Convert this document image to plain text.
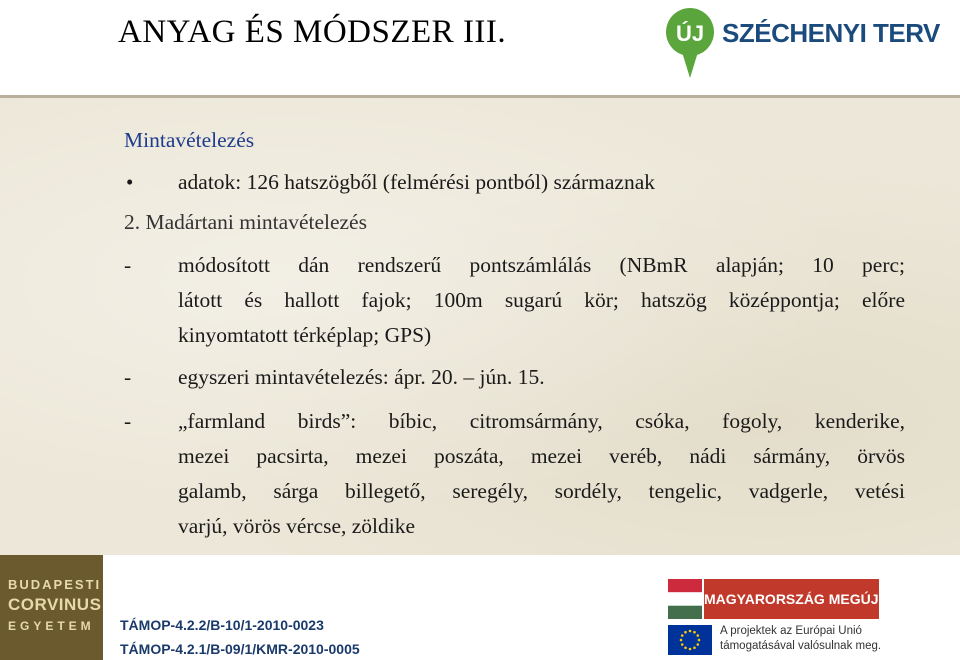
ANYAG ÉS MÓDSZER III.	ÚJ SZÉCHENYI TERV
Mintavételezés
• adatok: 126 hatszögből (felmérési pontból) származnak
2. Madártani mintavételezés
- módosított dán rendszerű pontszámlálás (NBmR alapján; 10 perc;
látott és hallott fajok; 100m sugarú kör; hatszög középpontja; előre
kinyomtatott térképlap; GPS)
- egyszeri mintavételezés: ápr. 20. – jún. 15.
- „farmland birds”: bíbic, citromsármány, csóka, fogoly, kenderike,
mezei pacsirta, mezei poszáta, mezei veréb, nádi sármány, örvös
galamb, sárga billegető, seregély, sordély, tengelic, vadgerle, vetési
varjú, vörös vércse, zöldike
BUDAPESTI
CORVINUS
EGYETEM TÁMOP-4.2.2/B-10/1-2010-0023
TÁMOP-4.2.1/B-09/1/KMR-2010-0005
MAGYARORSZÁG MEGÚJUL
A projektek az Európai Unió
támogatásával valósulnak meg.
